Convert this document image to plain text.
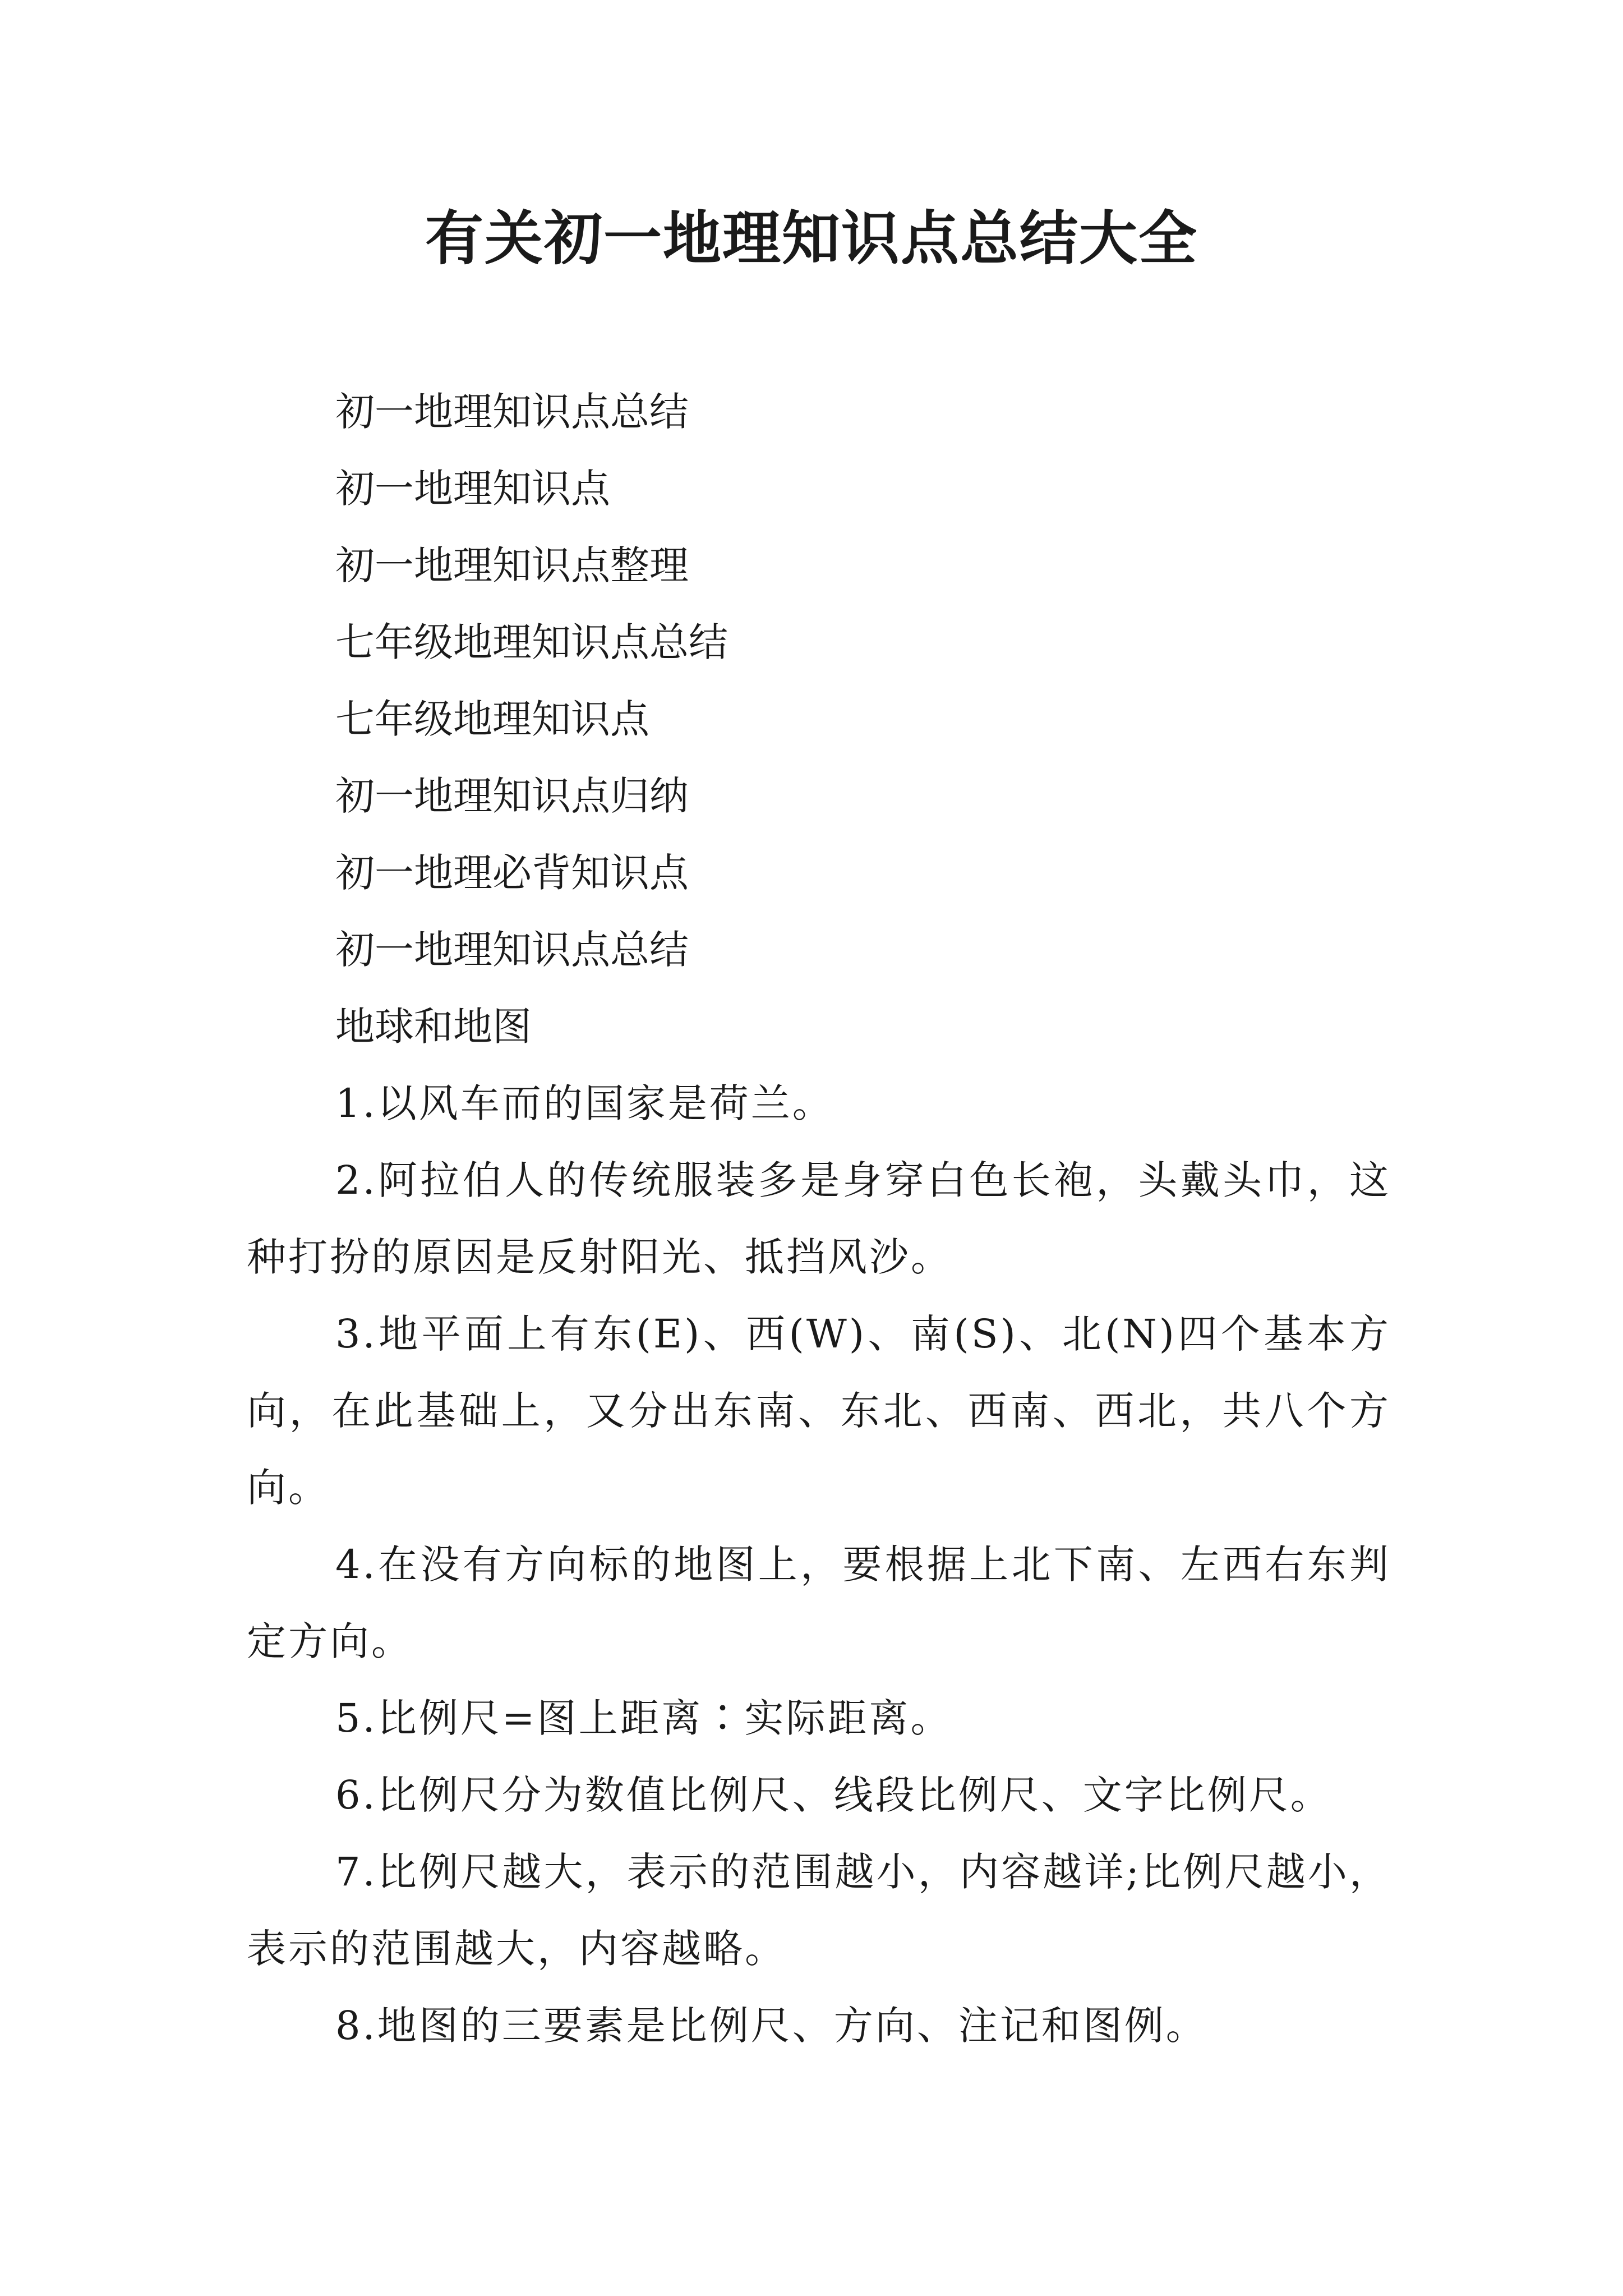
有关初一地理知识点总结大全
初一地理知识点总结
初一地理知识点
初一地理知识点整理
七年级地理知识点总结
七年级地理知识点
初一地理知识点归纳
初一地理必背知识点
初一地理知识点总结
地球和地图
1.以风车而的国家是荷兰。
2.阿拉伯人的传统服装多是身穿白色长袍，头戴头巾，这种打扮的原因是反射阳光、抵挡风沙。
3.地平面上有东(E)、西(W)、南(S)、北(N)四个基本方向，在此基础上，又分出东南、东北、西南、西北，共八个方向。
4.在没有方向标的地图上，要根据上北下南、左西右东判定方向。
5.比例尺=图上距离∶实际距离。
6.比例尺分为数值比例尺、线段比例尺、文字比例尺。
7.比例尺越大，表示的范围越小，内容越详;比例尺越小，表示的范围越大，内容越略。
8.地图的三要素是比例尺、方向、注记和图例。
